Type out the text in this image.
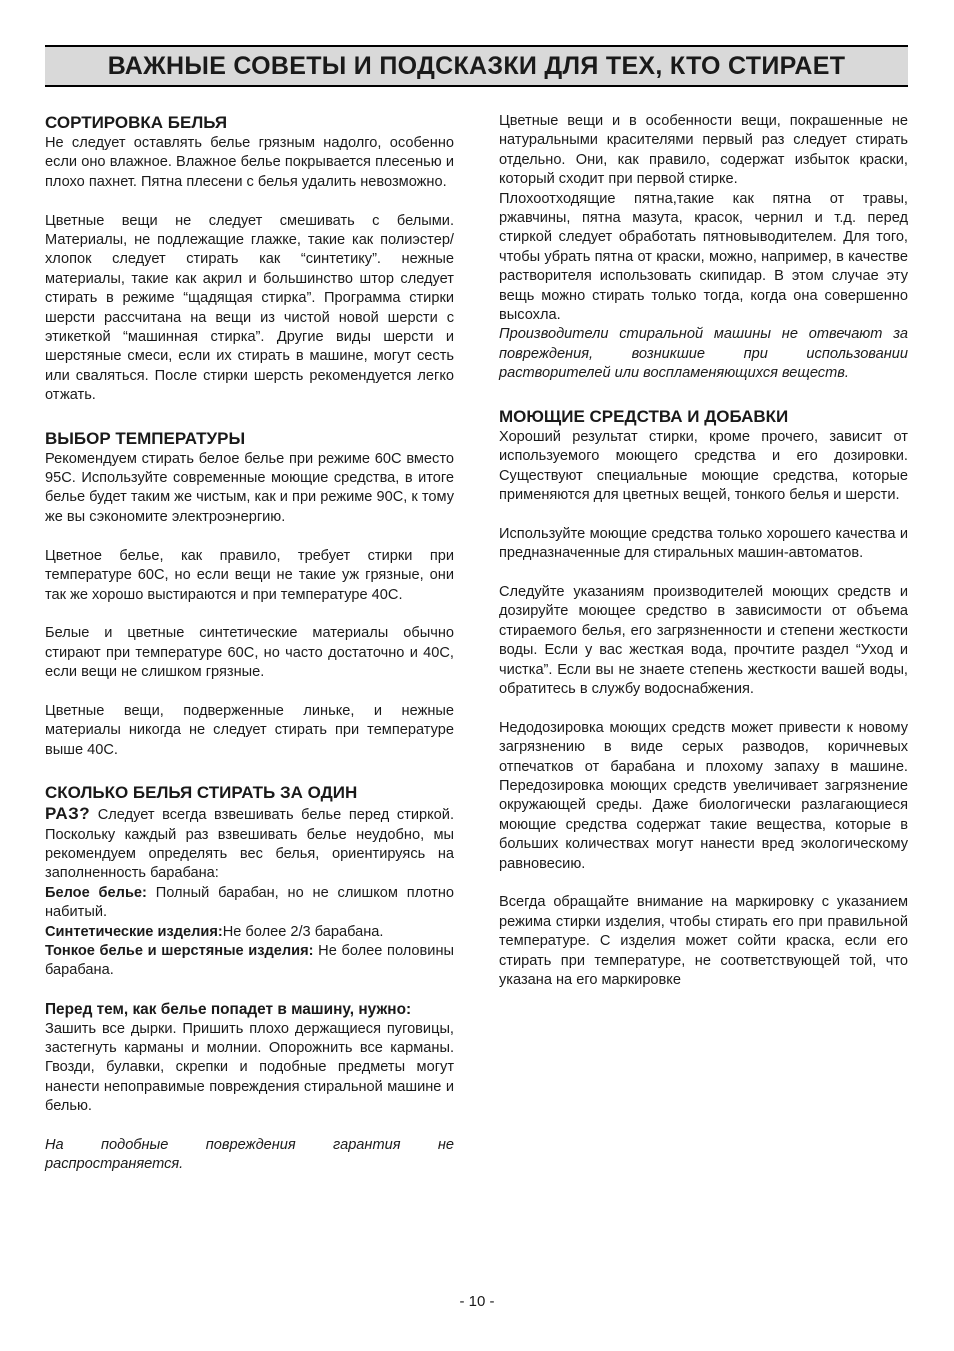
ВАЖНЫЕ СОВЕТЫ И ПОДСКАЗКИ ДЛЯ ТЕХ, КТО СТИРАЕТ
СОРТИРОВКА БЕЛЬЯ

Не следует оставлять белье грязным надолго, особенно если оно влажное. Влажное белье покрывается плесенью и плохо пахнет. Пятна плесени с белья удалить невозможно.

Цветные вещи не следует смешивать с белыми. Материалы, не подлежащие глажке, такие как полиэстер/хлопок следует стирать как “синтетику”. нежные материалы, такие как акрил и большинство штор следует стирать в режиме “щадящая стирка”. Программа стирки шерсти рассчитана на вещи из чистой новой шерсти с этикеткой “машинная стирка”. Другие виды шерсти и шерстяные смеси, если их стирать в машине, могут сесть или сваляться. После стирки шерсть рекомендуется легко отжать.

ВЫБОР ТЕМПЕРАТУРЫ

Рекомендуем стирать белое белье при режиме 60С вместо 95С. Используйте современные моющие средства, в итоге белье будет таким же чистым, как и при режиме 90С, к тому же вы сэкономите электроэнергию.

Цветное белье, как правило, требует стирки при температуре 60С, но если вещи не такие уж грязные, они так же хорошо выстираются и при температуре 40С.

Белые и цветные синтетические материалы обычно стирают при температуре 60С, но часто достаточно и 40С, если вещи не слишком грязные.

Цветные вещи, подверженные линьке, и нежные материалы никогда не следует стирать при температуре выше 40С.

СКОЛЬКО БЕЛЬЯ СТИРАТЬ ЗА ОДИН

РАЗ? Следует всегда взвешивать белье перед стиркой. Поскольку каждый раз взвешивать белье неудобно, мы рекомендуем определять вес белья, ориентируясь на заполненность барабана:

Белое белье: Полный барабан, но не слишком плотно набитый.

Синтетические изделия:Не более 2/3 барабана.

Тонкое белье и шерстяные изделия: Не более половины барабана.

Перед тем, как белье попадет в машину, нужно:

Зашить все дырки. Пришить плохо держащиеся пуговицы, застегнуть карманы и молнии. Опорожнить все карманы. Гвозди, булавки, скрепки и подобные предметы могут нанести непоправимые повреждения стиральной машине и белью.

На подобные повреждения гарантия не распространяется.

Цветные вещи и в особенности вещи, покрашенные не натуральными красителями первый раз следует стирать отдельно. Они, как правило, содержат избыток краски, который сходит при первой стирке.

Плохоотходящие пятна,такие как пятна от травы, ржавчины, пятна мазута, красок, чернил и т.д. перед стиркой следует обработать пятновыводителем. Для того, чтобы убрать пятна от краски, можно, например, в качестве растворителя использовать скипидар. В этом случае эту вещь можно стирать только тогда, когда она совершенно высохла.

Производители стиральной машины не отвечают за повреждения, возникшие при использовании растворителей или воспламеняющихся веществ.

МОЮЩИЕ СРЕДСТВА И ДОБАВКИ

Хороший результат стирки, кроме прочего, зависит от используемого моющего средства и его дозировки. Существуют специальные моющие средства, которые применяются для цветных вещей, тонкого белья и шерсти.

Используйте моющие средства только хорошего качества и предназначенные для стиральных машин-автоматов.

Следуйте указаниям производителей моющих средств и дозируйте моющее средство в зависимости от объема стираемого белья, его загрязненности и степени жесткости воды. Если у вас жесткая вода, прочтите раздел “Уход и чистка”. Если вы не знаете степень жесткости вашей воды, обратитесь в службу водоснабжения.

Недодозировка моющих средств может привести к новому загрязнению в виде серых разводов, коричневых отпечатков от барабана и плохому запаху в машине. Передозировка моющих средств увеличивает загрязнение окружающей среды. Даже биологически разлагающиеся моющие средства содержат такие вещества, которые в больших количествах могут нанести вред экологическому равновесию.

Всегда обращайте внимание на маркировку с указанием режима стирки изделия, чтобы стирать его при правильной температуре. С изделия может сойти краска, если его стирать при температуре, не соответствующей той, что указана на его маркировке

- 10 -
